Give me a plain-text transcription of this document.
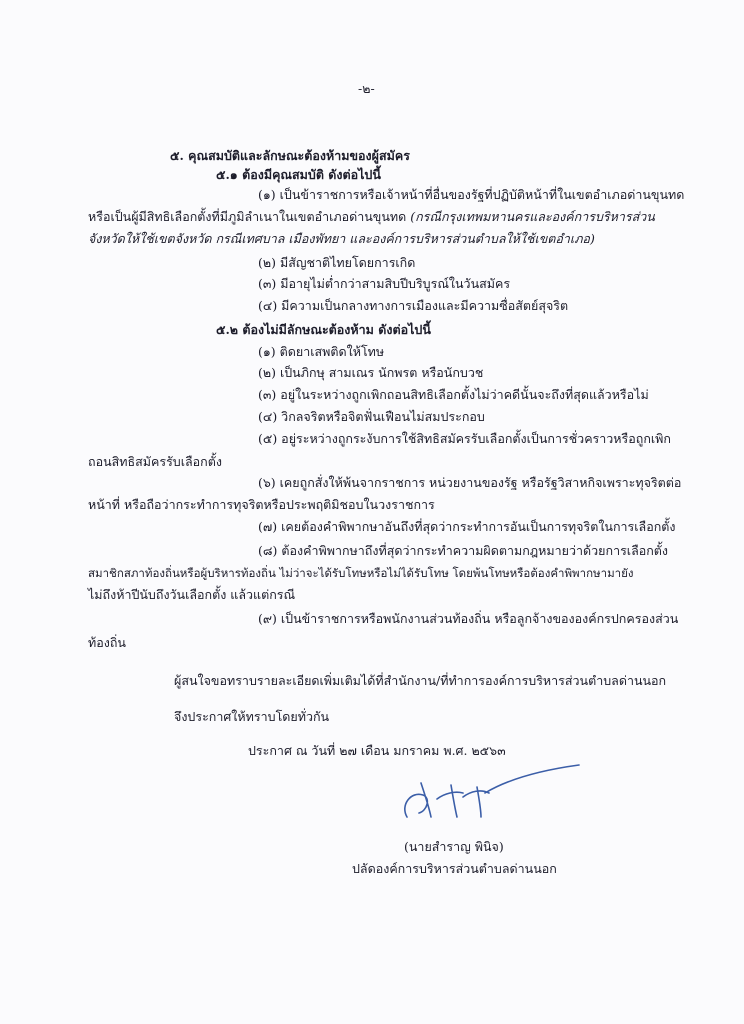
-๒-
๕. คุณสมบัติและลักษณะต้องห้ามของผู้สมัคร
๕.๑ ต้องมีคุณสมบัติ ดังต่อไปนี้
(๑) เป็นข้าราชการหรือเจ้าหน้าที่อื่นของรัฐที่ปฏิบัติหน้าที่ในเขตอำเภอด่านขุนทด
หรือเป็นผู้มีสิทธิเลือกตั้งที่มีภูมิลำเนาในเขตอำเภอด่านขุนทด (กรณีกรุงเทพมหานครและองค์การบริหารส่วน
จังหวัดให้ใช้เขตจังหวัด กรณีเทศบาล เมืองพัทยา และองค์การบริหารส่วนตำบลให้ใช้เขตอำเภอ)
(๒) มีสัญชาติไทยโดยการเกิด
(๓) มีอายุไม่ต่ำกว่าสามสิบปีบริบูรณ์ในวันสมัคร
(๔) มีความเป็นกลางทางการเมืองและมีความซื่อสัตย์สุจริต
๕.๒ ต้องไม่มีลักษณะต้องห้าม ดังต่อไปนี้
(๑) ติดยาเสพติดให้โทษ
(๒) เป็นภิกษุ สามเณร นักพรต หรือนักบวช
(๓) อยู่ในระหว่างถูกเพิกถอนสิทธิเลือกตั้งไม่ว่าคดีนั้นจะถึงที่สุดแล้วหรือไม่
(๔) วิกลจริตหรือจิตฟั่นเฟือนไม่สมประกอบ
(๕) อยู่ระหว่างถูกระงับการใช้สิทธิสมัครรับเลือกตั้งเป็นการชั่วคราวหรือถูกเพิก
ถอนสิทธิสมัครรับเลือกตั้ง
(๖) เคยถูกสั่งให้พ้นจากราชการ หน่วยงานของรัฐ หรือรัฐวิสาหกิจเพราะทุจริตต่อ
หน้าที่ หรือถือว่ากระทำการทุจริตหรือประพฤติมิชอบในวงราชการ
(๗) เคยต้องคำพิพากษาอันถึงที่สุดว่ากระทำการอันเป็นการทุจริตในการเลือกตั้ง
(๘) ต้องคำพิพากษาถึงที่สุดว่ากระทำความผิดตามกฎหมายว่าด้วยการเลือกตั้ง
สมาชิกสภาท้องถิ่นหรือผู้บริหารท้องถิ่น ไม่ว่าจะได้รับโทษหรือไม่ได้รับโทษ โดยพ้นโทษหรือต้องคำพิพากษามายัง
ไม่ถึงห้าปีนับถึงวันเลือกตั้ง แล้วแต่กรณี
(๙) เป็นข้าราชการหรือพนักงานส่วนท้องถิ่น หรือลูกจ้างขององค์กรปกครองส่วน
ท้องถิ่น
ผู้สนใจขอทราบรายละเอียดเพิ่มเติมได้ที่สำนักงาน/ที่ทำการองค์การบริหารส่วนตำบลด่านนอก
จึงประกาศให้ทราบโดยทั่วกัน
ประกาศ ณ วันที่ ๒๗ เดือน มกราคม พ.ศ. ๒๕๖๓
(นายสำราญ พินิจ)
ปลัดองค์การบริหารส่วนตำบลด่านนอก
